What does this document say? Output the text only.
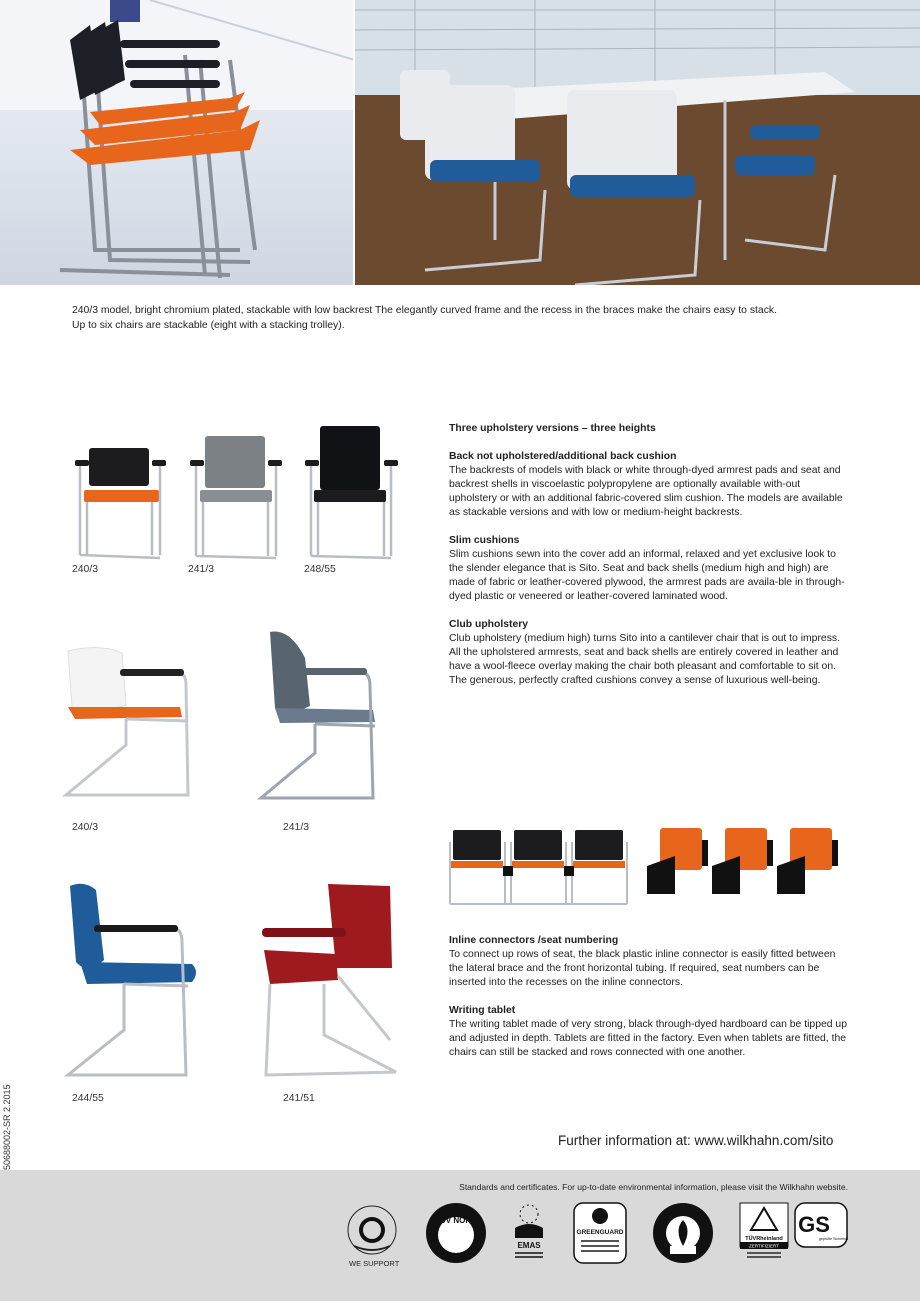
240/3 model, bright chromium plated, stackable with low backrest The elegantly curved frame and the recess in the braces make the chairs easy to stack.
Up to six chairs are stackable (eight with a stacking trolley).
240/3	241/3	248/55
Three upholstery versions – three heights
Back not upholstered/additional back cushion

The backrests of models with black or white through-dyed armrest pads and seat and backrest shells in viscoelastic polypropylene are optionally available with-out upholstery or with an additional fabric-covered slim cushion. The models are available as stackable versions and with low or medium-height backrests.

Slim cushions

Slim cushions sewn into the cover add an informal, relaxed and yet exclusive look to the slender elegance that is Sito. Seat and back shells (medium high and high) are made of fabric or leather-covered plywood, the armrest pads are availa-ble in through-dyed plastic or veneered or leather-covered laminated wood.

Club upholstery

Club upholstery (medium high) turns Sito into a cantilever chair that is out to impress. All the upholstered armrests, seat and back shells are entirely covered in leather and have a wool-fleece overlay making the chair both pleasant and comfortable to sit on. The generous, perfectly crafted cushions convey a sense of luxurious well-being.

240/3	241/3
Inline connectors /seat numbering

To connect up rows of seat, the black plastic inline connector is easily fitted between the lateral brace and the front horizontal tubing. If required, seat numbers can be inserted into the recesses on the inline connectors.

Writing tablet

The writing tablet made of very strong, black through-dyed hardboard can be tipped up and adjusted in depth. Tablets are fitted in the factory. Even when tablets are fitted, the chairs can still be stacked and rows connected with one another.

244/55	241/51
Further information at: www.wilkhahn.com/sito
50688002-SR 2.2015
Standards and certificates. For up-to-date environmental information, please visit the Wilkhahn website.
WE SUPPORT
TÜV NORD
EMAS
GREENGUARD
TÜVRheinland
ZERTIFIZIERT
GS
geprüfte Sicherheit
